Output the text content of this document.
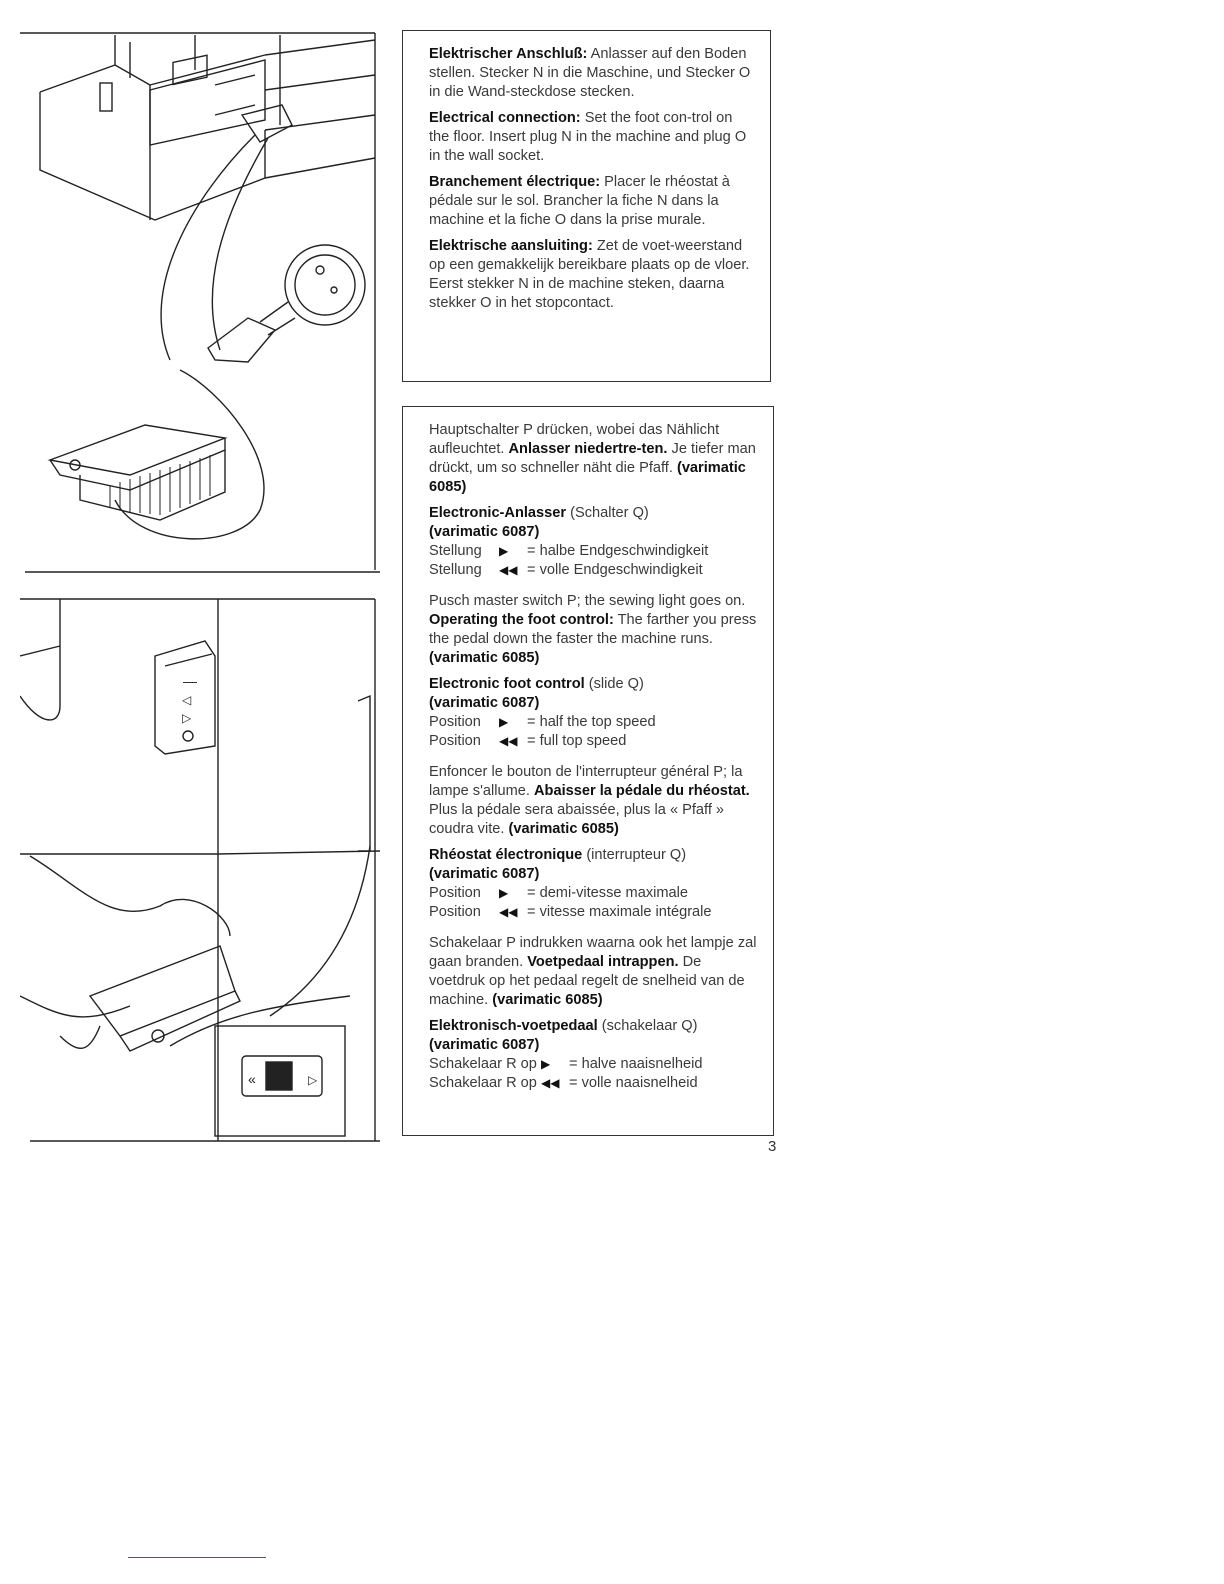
—
◁
▷
«	▷

Elektrischer Anschluß: Anlasser auf den Boden stellen. Stecker N in die Maschine, und Stecker O in die Wand-steckdose stecken.

Electrical connection: Set the foot con-trol on the floor. Insert plug N in the machine and plug O in the wall socket.

Branchement électrique: Placer le rhéostat à pédale sur le sol. Brancher la fiche N dans la machine et la fiche O dans la prise murale.

Elektrische aansluiting: Zet de voet-weerstand op een gemakkelijk bereikbare plaats op de vloer. Eerst stekker N in de machine steken, daarna stekker O in het stopcontact.

Hauptschalter P drücken, wobei das Nählicht aufleuchtet. Anlasser niedertre-ten. Je tiefer man drückt, um so schneller näht die Pfaff. (varimatic 6085)

Electronic-Anlasser (Schalter Q)
(varimatic 6087)

Stellung	▶	= halbe Endgeschwindigkeit
Stellung	◀◀ = volle Endgeschwindigkeit

Pusch master switch P; the sewing light goes on. Operating the foot control: The farther you press the pedal down the faster the machine runs. (varimatic 6085)

Electronic foot control (slide Q)
(varimatic 6087)

Position	▶	= half the top speed
Position	◀◀ = full top speed

Enfoncer le bouton de l'interrupteur général P; la lampe s'allume. Abaisser la pédale du rhéostat. Plus la pédale sera abaissée, plus la « Pfaff » coudra vite. (varimatic 6085)

Rhéostat électronique (interrupteur Q)
(varimatic 6087)

Position	▶	= demi-vitesse maximale
Position	◀◀ = vitesse maximale intégrale

Schakelaar P indrukken waarna ook het lampje zal gaan branden. Voetpedaal intrappen. De voetdruk op het pedaal regelt de snelheid van de machine. (varimatic 6085)

Elektronisch-voetpedaal (schakelaar Q)
(varimatic 6087)

Schakelaar R op ▶	= halve naaisnelheid
Schakelaar R op ◀◀ = volle naaisnelheid
3
